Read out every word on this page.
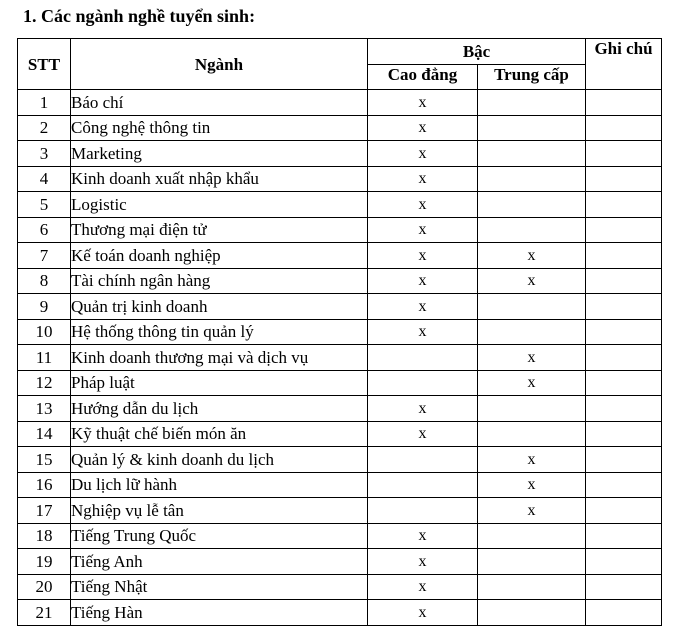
1. Các ngành nghề tuyển sinh:
STT	Ngành	Bậc		Ghi chú
		Cao đẳng	Trung cấp	
1	Báo chí	x		
2	Công nghệ thông tin	x		
3	Marketing	x		
4	Kinh doanh xuất nhập khẩu	x		
5	Logistic	x		
6	Thương mại điện tử	x		
7	Kế toán doanh nghiệp	x	x	
8	Tài chính ngân hàng	x	x	
9	Quản trị kinh doanh	x		
10	Hệ thống thông tin quản lý	x		
11	Kinh doanh thương mại và dịch vụ		x	
12	Pháp luật		x	
13	Hướng dẫn du lịch	x		
14	Kỹ thuật chế biến món ăn	x		
15	Quản lý & kinh doanh du lịch		x	
16	Du lịch lữ hành		x	
17	Nghiệp vụ lễ tân		x	
18	Tiếng Trung Quốc	x		
19	Tiếng Anh	x		
20	Tiếng Nhật	x		
21	Tiếng Hàn	x		
